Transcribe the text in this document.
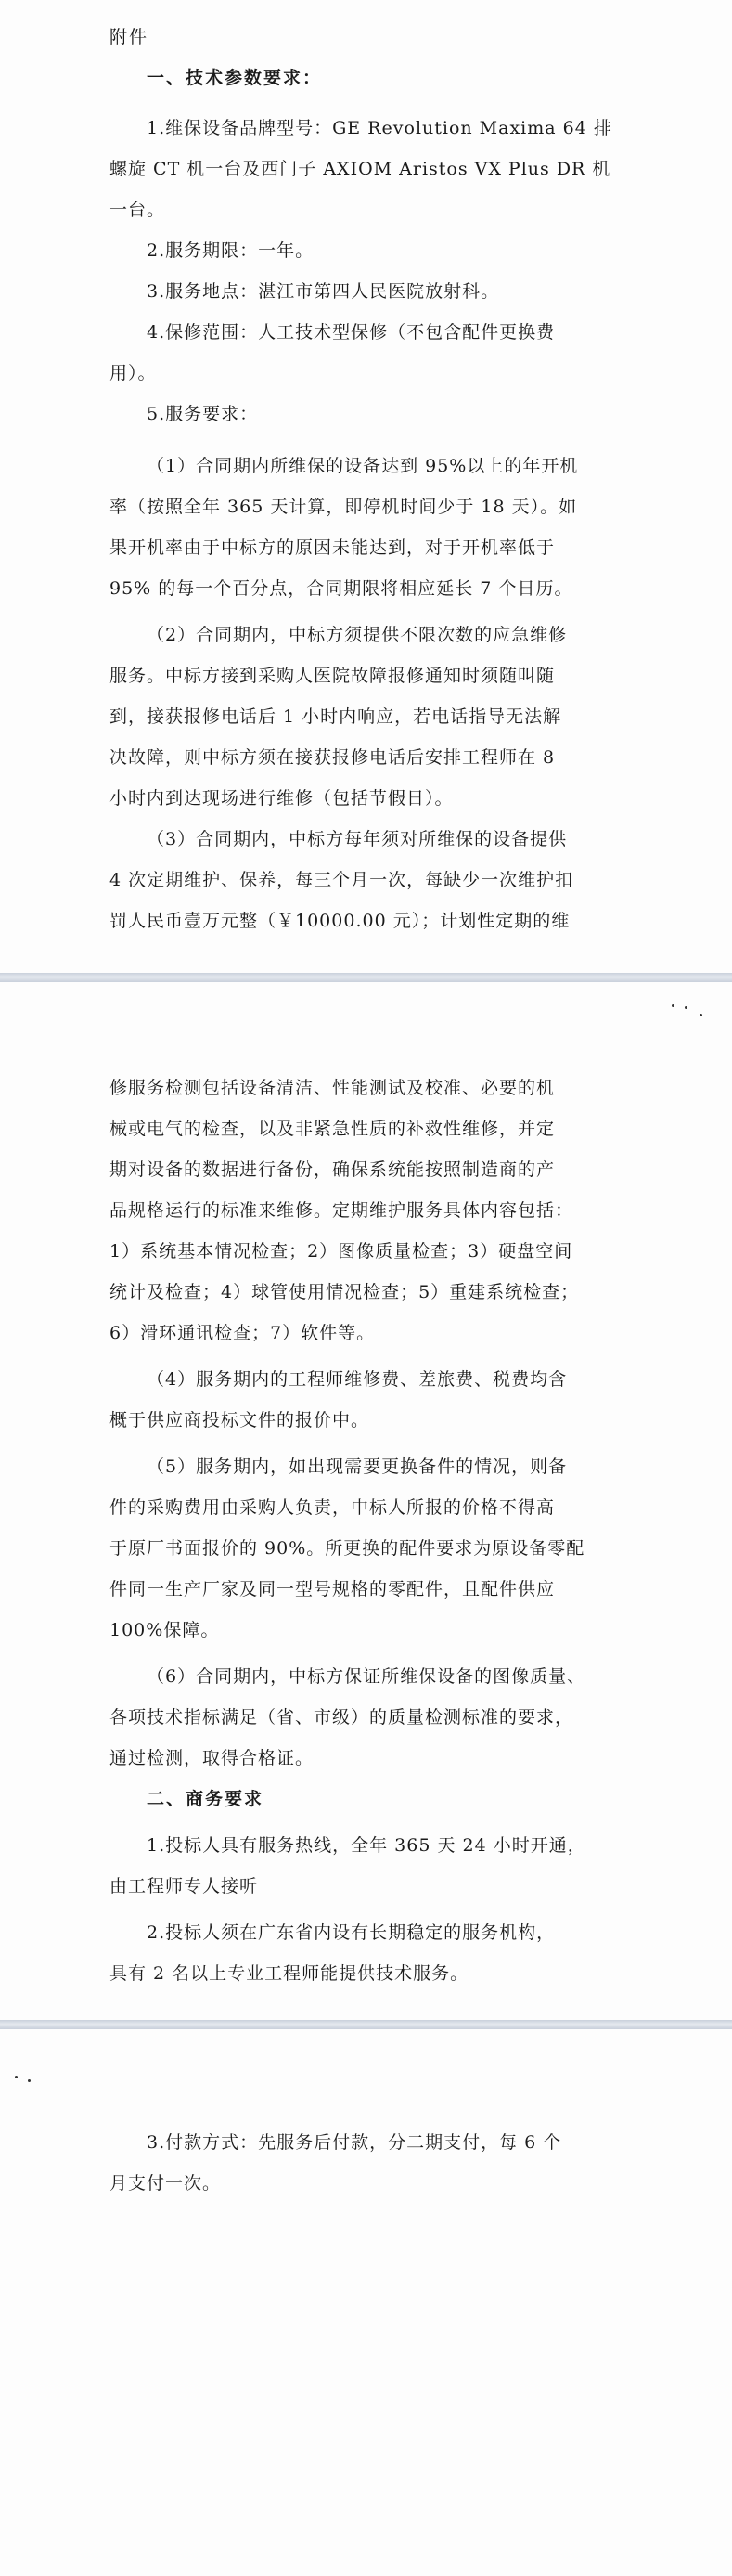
附件
一、技术参数要求：
1.维保设备品牌型号：GE Revolution Maxima 64 排
螺旋 CT 机一台及西门子 AXIOM Aristos VX Plus DR 机
一台。
2.服务期限：一年。
3.服务地点：湛江市第四人民医院放射科。
4.保修范围：人工技术型保修（不包含配件更换费
用）。
5.服务要求：
（1）合同期内所维保的设备达到 95%以上的年开机
率（按照全年 365 天计算，即停机时间少于 18 天）。如
果开机率由于中标方的原因未能达到，对于开机率低于
95% 的每一个百分点，合同期限将相应延长 7 个日历。
（2）合同期内，中标方须提供不限次数的应急维修
服务。中标方接到采购人医院故障报修通知时须随叫随
到，接获报修电话后 1 小时内响应，若电话指导无法解
决故障，则中标方须在接获报修电话后安排工程师在 8
小时内到达现场进行维修（包括节假日）。
（3）合同期内，中标方每年须对所维保的设备提供
4 次定期维护、保养，每三个月一次，每缺少一次维护扣
罚人民币壹万元整（￥10000.00 元）；计划性定期的维
修服务检测包括设备清洁、性能测试及校准、必要的机
械或电气的检查，以及非紧急性质的补救性维修，并定
期对设备的数据进行备份，确保系统能按照制造商的产
品规格运行的标准来维修。定期维护服务具体内容包括：
1）系统基本情况检查；2）图像质量检查；3）硬盘空间
统计及检查；4）球管使用情况检查；5）重建系统检查；
6）滑环通讯检查；7）软件等。
（4）服务期内的工程师维修费、差旅费、税费均含
概于供应商投标文件的报价中。
（5）服务期内，如出现需要更换备件的情况，则备
件的采购费用由采购人负责，中标人所报的价格不得高
于原厂书面报价的 90%。所更换的配件要求为原设备零配
件同一生产厂家及同一型号规格的零配件，且配件供应
100%保障。
（6）合同期内，中标方保证所维保设备的图像质量、
各项技术指标满足（省、市级）的质量检测标准的要求，
通过检测，取得合格证。
二、商务要求
1.投标人具有服务热线，全年 365 天 24 小时开通，
由工程师专人接听
2.投标人须在广东省内设有长期稳定的服务机构，
具有 2 名以上专业工程师能提供技术服务。
3.付款方式：先服务后付款，分二期支付，每 6 个
月支付一次。
